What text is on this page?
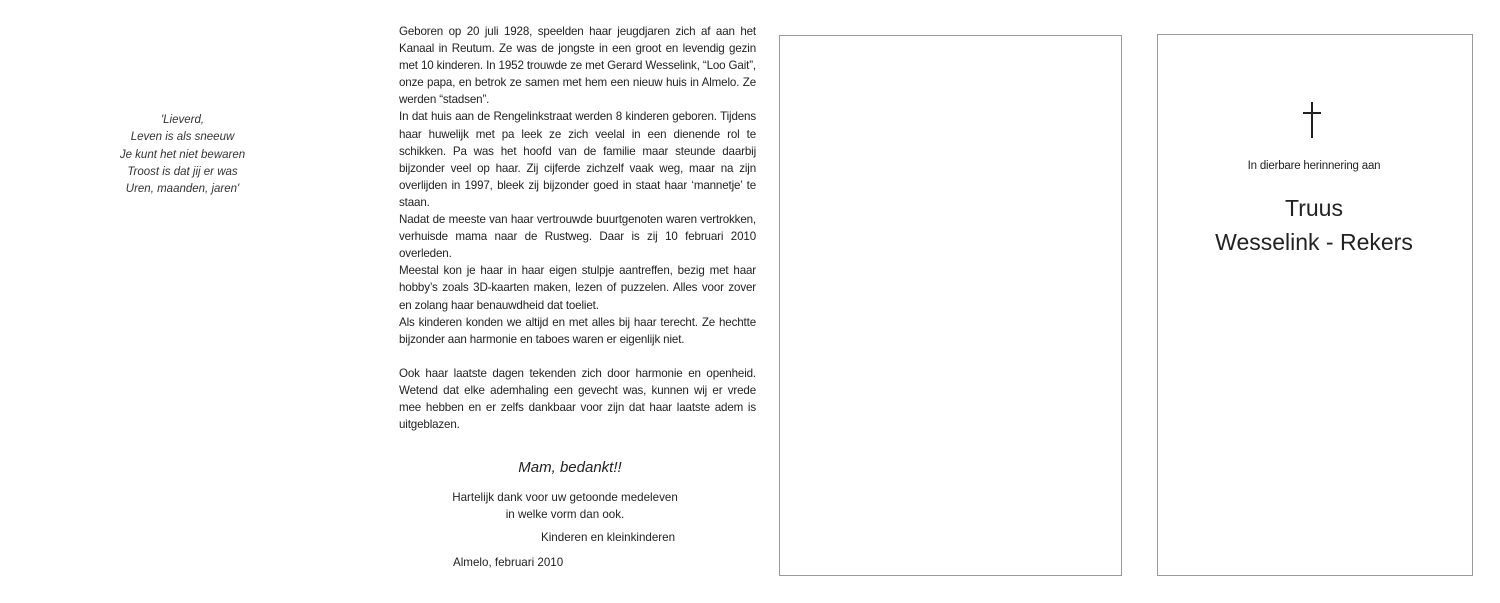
'Lieverd,
Leven is als sneeuw
Je kunt het niet bewaren
Troost is dat jij er was
Uren, maanden, jaren'

Geboren op 20 juli 1928, speelden haar jeugdjaren zich af aan het Kanaal in Reutum. Ze was de jongste in een groot en levendig gezin met 10 kinderen. In 1952 trouwde ze met Gerard Wesselink, “Loo Gait”, onze papa, en betrok ze samen met hem een nieuw huis in Almelo. Ze werden “stadsen”.

In dat huis aan de Rengelinkstraat werden 8 kinderen geboren. Tijdens haar huwelijk met pa leek ze zich veelal in een dienende rol te schikken. Pa was het hoofd van de familie maar steunde daarbij bijzonder veel op haar. Zij cijferde zichzelf vaak weg, maar na zijn overlijden in 1997, bleek zij bijzonder goed in staat haar ‘mannetje’ te staan.

Nadat de meeste van haar vertrouwde buurtgenoten waren vertrokken, verhuisde mama naar de Rustweg. Daar is zij 10 februari 2010 overleden.

Meestal kon je haar in haar eigen stulpje aantreffen, bezig met haar hobby’s zoals 3D-kaarten maken, lezen of puzzelen. Alles voor zover en zolang haar benauwdheid dat toeliet.

Als kinderen konden we altijd en met alles bij haar terecht. Ze hechtte bijzonder aan harmonie en taboes waren er eigenlijk niet.

Ook haar laatste dagen tekenden zich door harmonie en openheid. Wetend dat elke ademhaling een gevecht was, kunnen wij er vrede mee hebben en er zelfs dankbaar voor zijn dat haar laatste adem is uitgeblazen.

Mam, bedankt!!
Hartelijk dank voor uw getoonde medeleven
in welke vorm dan ook.
Kinderen en kleinkinderen
Almelo, februari 2010
In dierbare herinnering aan
Truus
Wesselink - Rekers
